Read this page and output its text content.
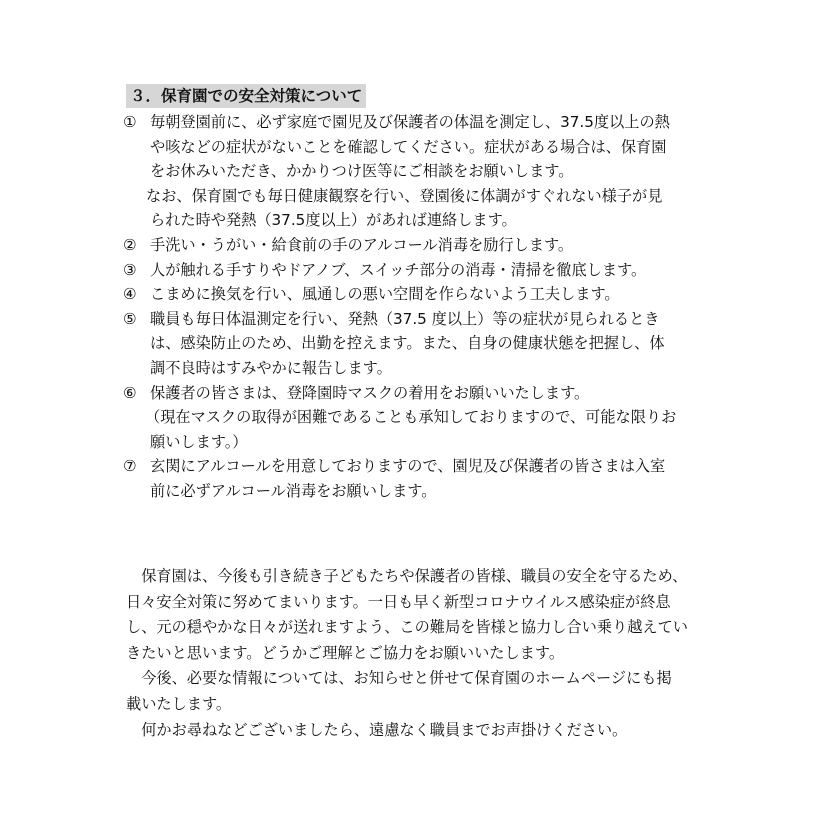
３．保育園での安全対策について
① 毎朝登園前に、必ず家庭で園児及び保護者の体温を測定し、37.5度以上の熱
や咳などの症状がないことを確認してください。症状がある場合は、保育園
をお休みいただき、かかりつけ医等にご相談をお願いします。
なお、保育園でも毎日健康観察を行い、登園後に体調がすぐれない様子が見
られた時や発熱（37.5度以上）があれば連絡します。
② 手洗い・うがい・給食前の手のアルコール消毒を励行します。
③ 人が触れる手すりやドアノブ、スイッチ部分の消毒・清掃を徹底します。
④ こまめに換気を行い、風通しの悪い空間を作らないよう工夫します。
⑤ 職員も毎日体温測定を行い、発熱（37.5 度以上）等の症状が見られるとき
は、感染防止のため、出勤を控えます。また、自身の健康状態を把握し、体
調不良時はすみやかに報告します。
⑥ 保護者の皆さまは、登降園時マスクの着用をお願いいたします。
（現在マスクの取得が困難であることも承知しておりますので、可能な限りお
願いします。）
⑦ 玄関にアルコールを用意しておりますので、園児及び保護者の皆さまは入室
前に必ずアルコール消毒をお願いします。
　保育園は、今後も引き続き子どもたちや保護者の皆様、職員の安全を守るため、
日々安全対策に努めてまいります。一日も早く新型コロナウイルス感染症が終息
し、元の穏やかな日々が送れますよう、この難局を皆様と協力し合い乗り越えてい
きたいと思います。どうかご理解とご協力をお願いいたします。
　今後、必要な情報については、お知らせと併せて保育園のホームページにも掲
載いたします。
　何かお尋ねなどございましたら、遠慮なく職員までお声掛けください。
